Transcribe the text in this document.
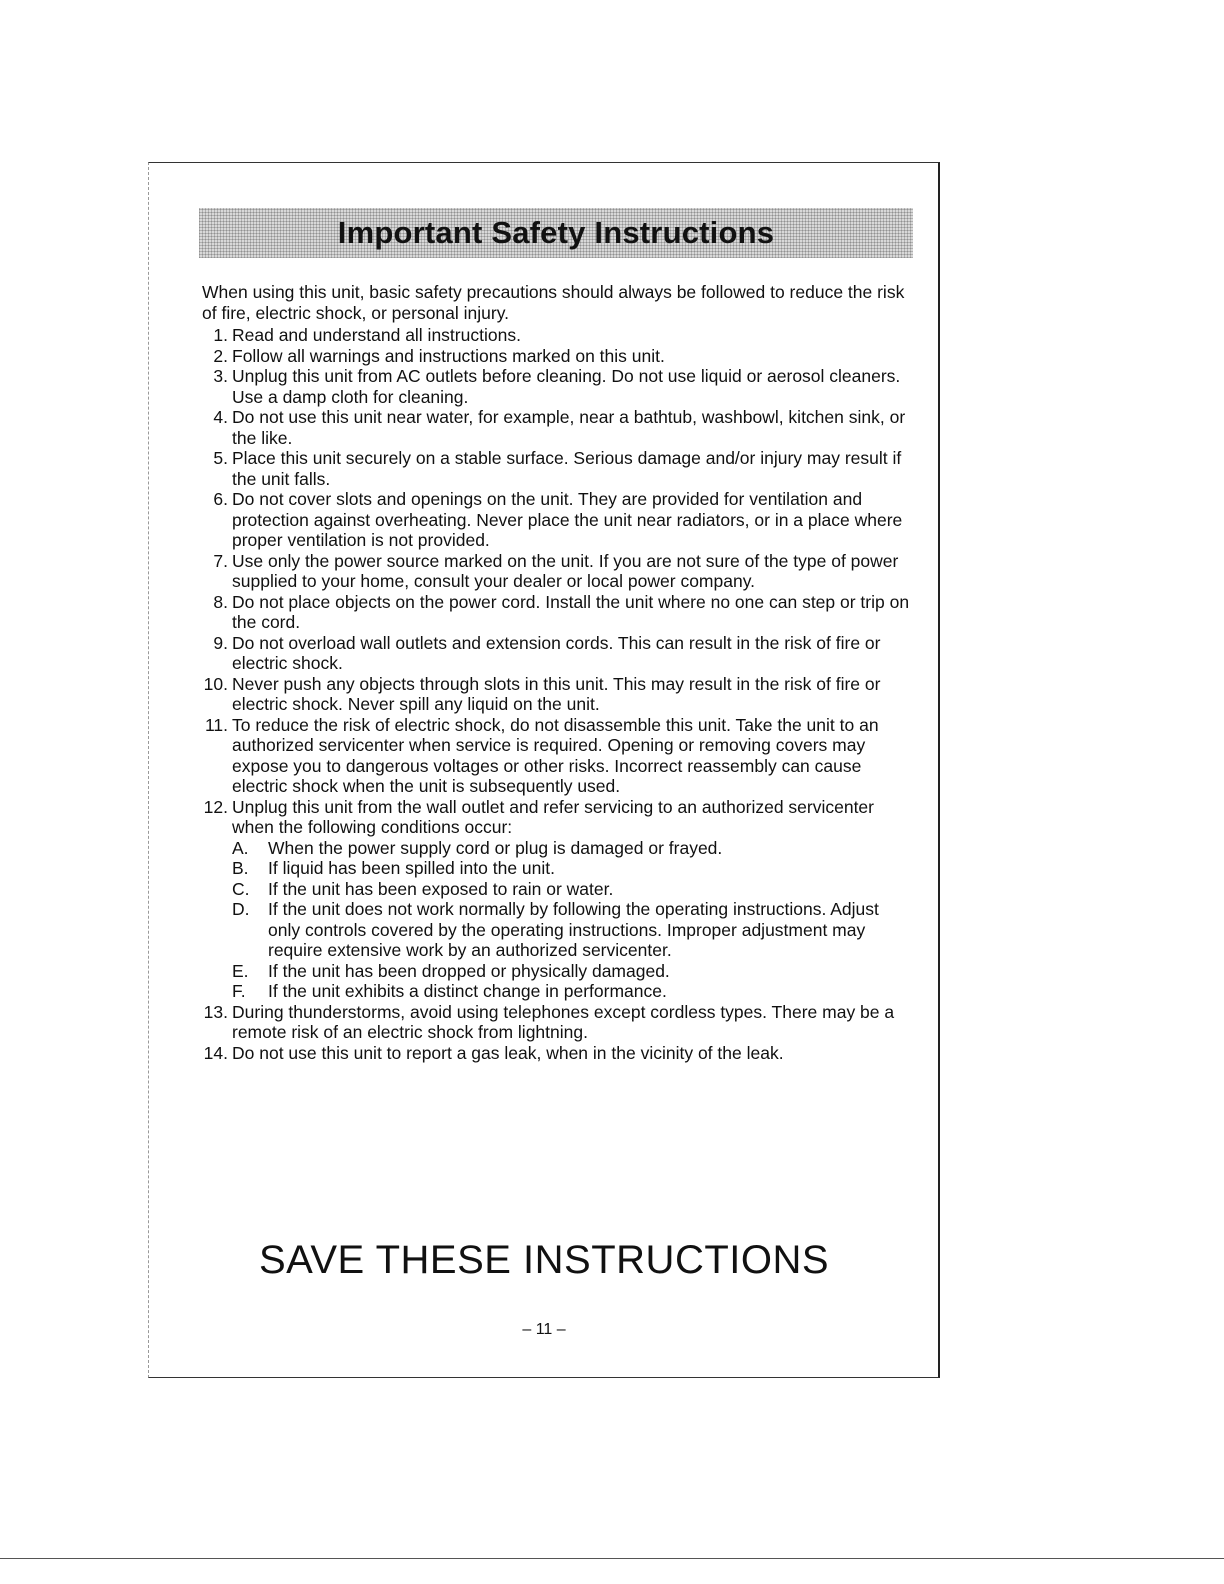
Important Safety Instructions

When using this unit, basic safety precautions should always be followed to reduce the risk of fire, electric shock, or personal injury.

1. Read and understand all instructions.
2. Follow all warnings and instructions marked on this unit.
3. Unplug this unit from AC outlets before cleaning. Do not use liquid or aerosol cleaners. Use a damp cloth for cleaning.
4. Do not use this unit near water, for example, near a bathtub, washbowl, kitchen sink, or the like.
5. Place this unit securely on a stable surface. Serious damage and/or injury may result if the unit falls.
6. Do not cover slots and openings on the unit. They are provided for ventilation and protection against overheating. Never place the unit near radiators, or in a place where proper ventilation is not provided.
7. Use only the power source marked on the unit. If you are not sure of the type of power supplied to your home, consult your dealer or local power company.
8. Do not place objects on the power cord. Install the unit where no one can step or trip on the cord.
9. Do not overload wall outlets and extension cords. This can result in the risk of fire or electric shock.
10. Never push any objects through slots in this unit. This may result in the risk of fire or electric shock. Never spill any liquid on the unit.
11. To reduce the risk of electric shock, do not disassemble this unit. Take the unit to an authorized servicenter when service is required. Opening or removing covers may expose you to dangerous voltages or other risks. Incorrect reassembly can cause electric shock when the unit is subsequently used.
12. Unplug this unit from the wall outlet and refer servicing to an authorized servicenter when the following conditions occur:
A.	When the power supply cord or plug is damaged or frayed.
B.	If liquid has been spilled into the unit.
C.	If the unit has been exposed to rain or water.
D.	If the unit does not work normally by following the operating instructions. Adjust only controls covered by the operating instructions. Improper adjustment may require extensive work by an authorized servicenter.
E.	If the unit has been dropped or physically damaged.
F.	If the unit exhibits a distinct change in performance.
13. During thunderstorms, avoid using telephones except cordless types. There may be a remote risk of an electric shock from lightning.
14. Do not use this unit to report a gas leak, when in the vicinity of the leak.
SAVE THESE INSTRUCTIONS
– 11 –
